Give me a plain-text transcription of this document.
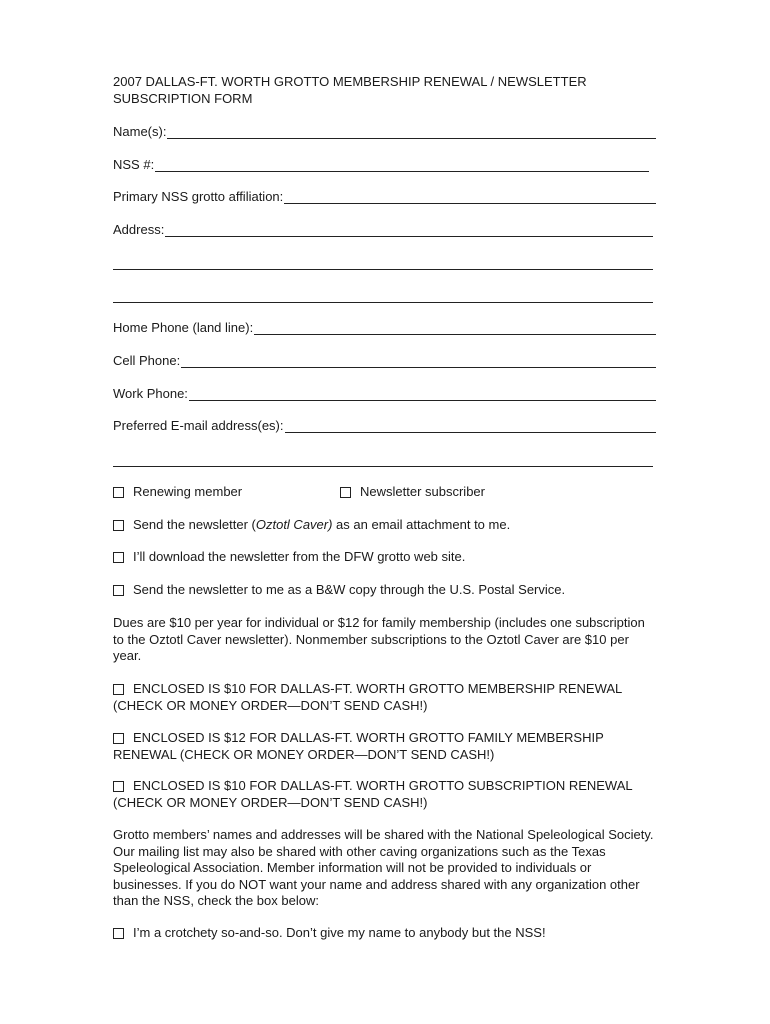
2007 DALLAS-FT. WORTH GROTTO MEMBERSHIP RENEWAL / NEWSLETTER SUBSCRIPTION FORM
Name(s):
NSS #:
Primary NSS grotto affiliation:
Address:
Home Phone (land line):
Cell Phone:
Work Phone:
Preferred E-mail address(es):
Renewing member	Newsletter subscriber
Send the newsletter (Oztotl Caver) as an email attachment to me.
I’ll download the newsletter from the DFW grotto web site.
Send the newsletter to me as a B&W copy through the U.S. Postal Service.
Dues are $10 per year for individual or $12 for family membership (includes one subscription to the Oztotl Caver newsletter). Nonmember subscriptions to the Oztotl Caver are $10 per year.
ENCLOSED IS $10 FOR DALLAS-FT. WORTH GROTTO MEMBERSHIP RENEWAL (CHECK OR MONEY ORDER—DON’T SEND CASH!)
ENCLOSED IS $12 FOR DALLAS-FT. WORTH GROTTO FAMILY MEMBERSHIP RENEWAL (CHECK OR MONEY ORDER—DON’T SEND CASH!)
ENCLOSED IS $10 FOR DALLAS-FT. WORTH GROTTO SUBSCRIPTION RENEWAL (CHECK OR MONEY ORDER—DON’T SEND CASH!)
Grotto members’ names and addresses will be shared with the National Speleological Society. Our mailing list may also be shared with other caving organizations such as the Texas Speleological Association. Member information will not be provided to individuals or businesses. If you do NOT want your name and address shared with any organization other than the NSS, check the box below:
I’m a crotchety so-and-so. Don’t give my name to anybody but the NSS!
